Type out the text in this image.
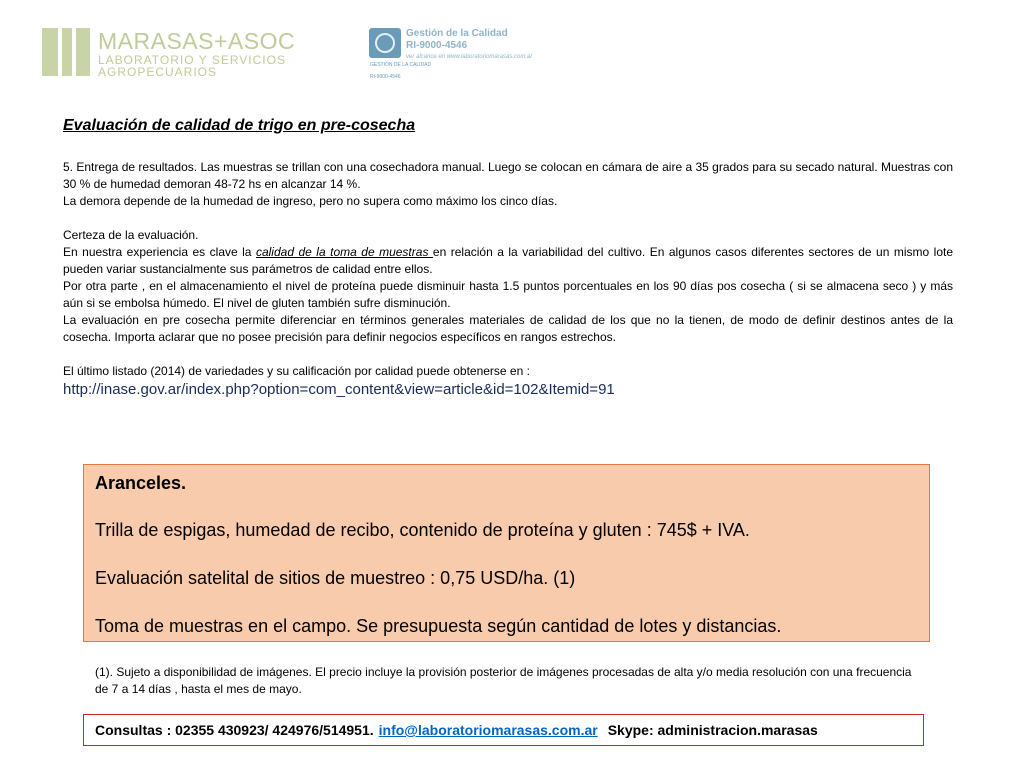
MARASAS+ASOC
LABORATORIO Y SERVICIOS
AGROPECUARIOS	GESTIÓN DE LA CALIDAD
RI-9000-4546
Gestión de la Calidad
RI-9000-4546
ver alcance en www.laboratoriomarasas.com.ar
Evaluación de calidad de trigo en pre-cosecha
5. Entrega de resultados. Las muestras se trillan con una cosechadora manual. Luego se colocan en cámara de aire a 35 grados para su secado natural. Muestras con 30 % de humedad demoran 48-72 hs en alcanzar 14 %.
La demora depende de la humedad de ingreso, pero no supera como máximo los cinco días.
Certeza de la evaluación.
En nuestra experiencia es clave la calidad de la toma de muestras en relación a la variabilidad del cultivo. En algunos casos diferentes sectores de un mismo lote pueden variar sustancialmente sus parámetros de calidad entre ellos.
Por otra parte , en el almacenamiento el nivel de proteína puede disminuir hasta 1.5 puntos porcentuales en los 90 días pos cosecha ( si se almacena seco ) y más aún si se embolsa húmedo. El nivel de gluten también sufre disminución.
La evaluación en pre cosecha permite diferenciar en términos generales materiales de calidad de los que no la tienen, de modo de definir destinos antes de la cosecha. Importa aclarar que no posee precisión para definir negocios específicos en rangos estrechos.
El último listado (2014) de variedades y su calificación por calidad puede obtenerse en :
http://inase.gov.ar/index.php?option=com_content&view=article&id=102&Itemid=91
Aranceles.
Trilla de espigas, humedad de recibo, contenido de proteína y gluten : 745$ + IVA.
Evaluación satelital de sitios de muestreo : 0,75 USD/ha. (1)
Toma de muestras en el campo. Se presupuesta según cantidad de lotes y distancias.
(1). Sujeto a disponibilidad de imágenes. El precio incluye la provisión posterior de imágenes procesadas de alta y/o media resolución con una frecuencia de 7 a 14 días , hasta el mes de mayo.
Consultas : 02355 430923/ 424976/514951. info@laboratoriomarasas.com.ar Skype: administracion.marasas
